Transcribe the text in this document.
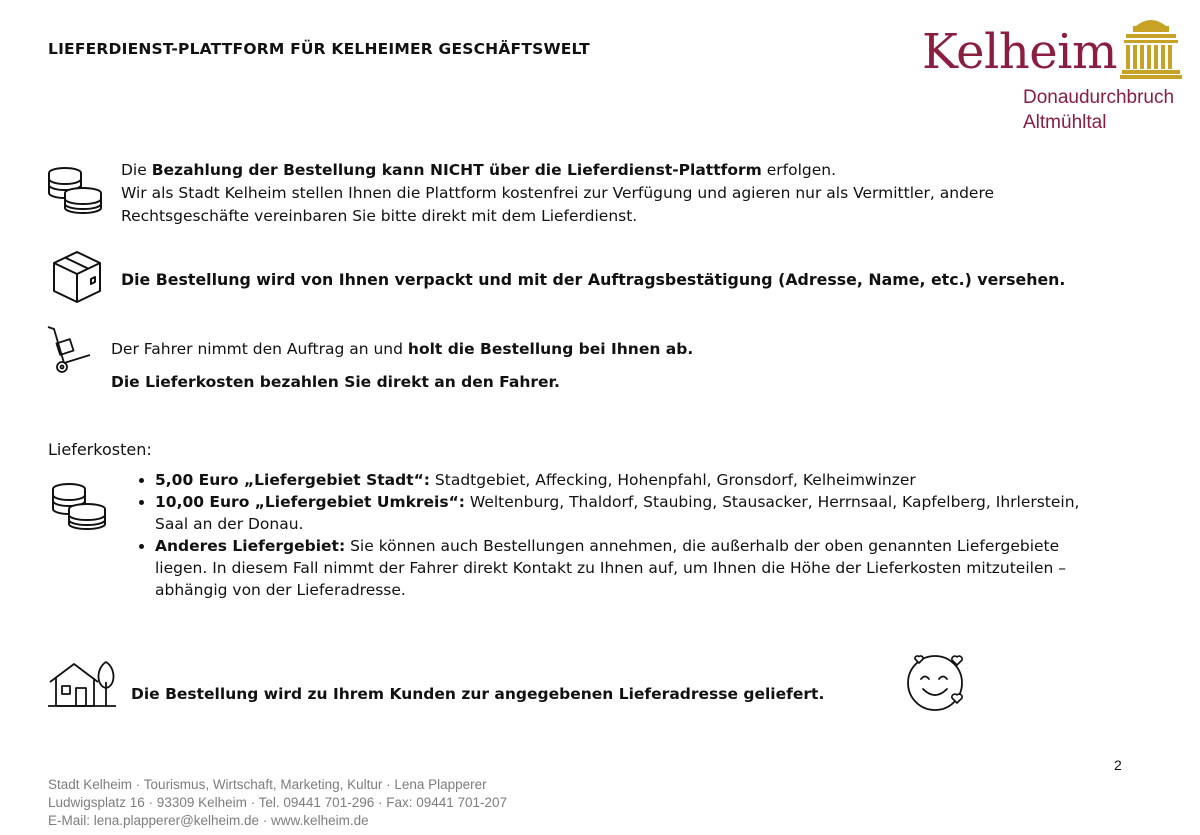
LIEFERDIENST-PLATTFORM FÜR KELHEIMER GESCHÄFTSWELT	Kelheim
Donaudurchbruch
Altmühltal
Die Bezahlung der Bestellung kann NICHT über die Lieferdienst-Plattform erfolgen.
Wir als Stadt Kelheim stellen Ihnen die Plattform kostenfrei zur Verfügung und agieren nur als Vermittler, andere
Rechtsgeschäfte vereinbaren Sie bitte direkt mit dem Lieferdienst.
Die Bestellung wird von Ihnen verpackt und mit der Auftragsbestätigung (Adresse, Name, etc.) versehen.
Der Fahrer nimmt den Auftrag an und holt die Bestellung bei Ihnen ab.
Die Lieferkosten bezahlen Sie direkt an den Fahrer.
Lieferkosten:
• 5,00 Euro „Liefergebiet Stadt“: Stadtgebiet, Affecking, Hohenpfahl, Gronsdorf, Kelheimwinzer
• 10,00 Euro „Liefergebiet Umkreis“: Weltenburg, Thaldorf, Staubing, Stausacker, Herrnsaal, Kapfelberg, Ihrlerstein, Saal an der Donau.
• Anderes Liefergebiet: Sie können auch Bestellungen annehmen, die außerhalb der oben genannten Liefergebiete liegen. In diesem Fall nimmt der Fahrer direkt Kontakt zu Ihnen auf, um Ihnen die Höhe der Lieferkosten mitzuteilen – abhängig von der Lieferadresse.
Die Bestellung wird zu Ihrem Kunden zur angegebenen Lieferadresse geliefert.
2
Stadt Kelheim · Tourismus, Wirtschaft, Marketing, Kultur · Lena Plapperer
Ludwigsplatz 16 · 93309 Kelheim · Tel. 09441 701-296 · Fax: 09441 701-207
E-Mail: lena.plapperer@kelheim.de · www.kelheim.de
